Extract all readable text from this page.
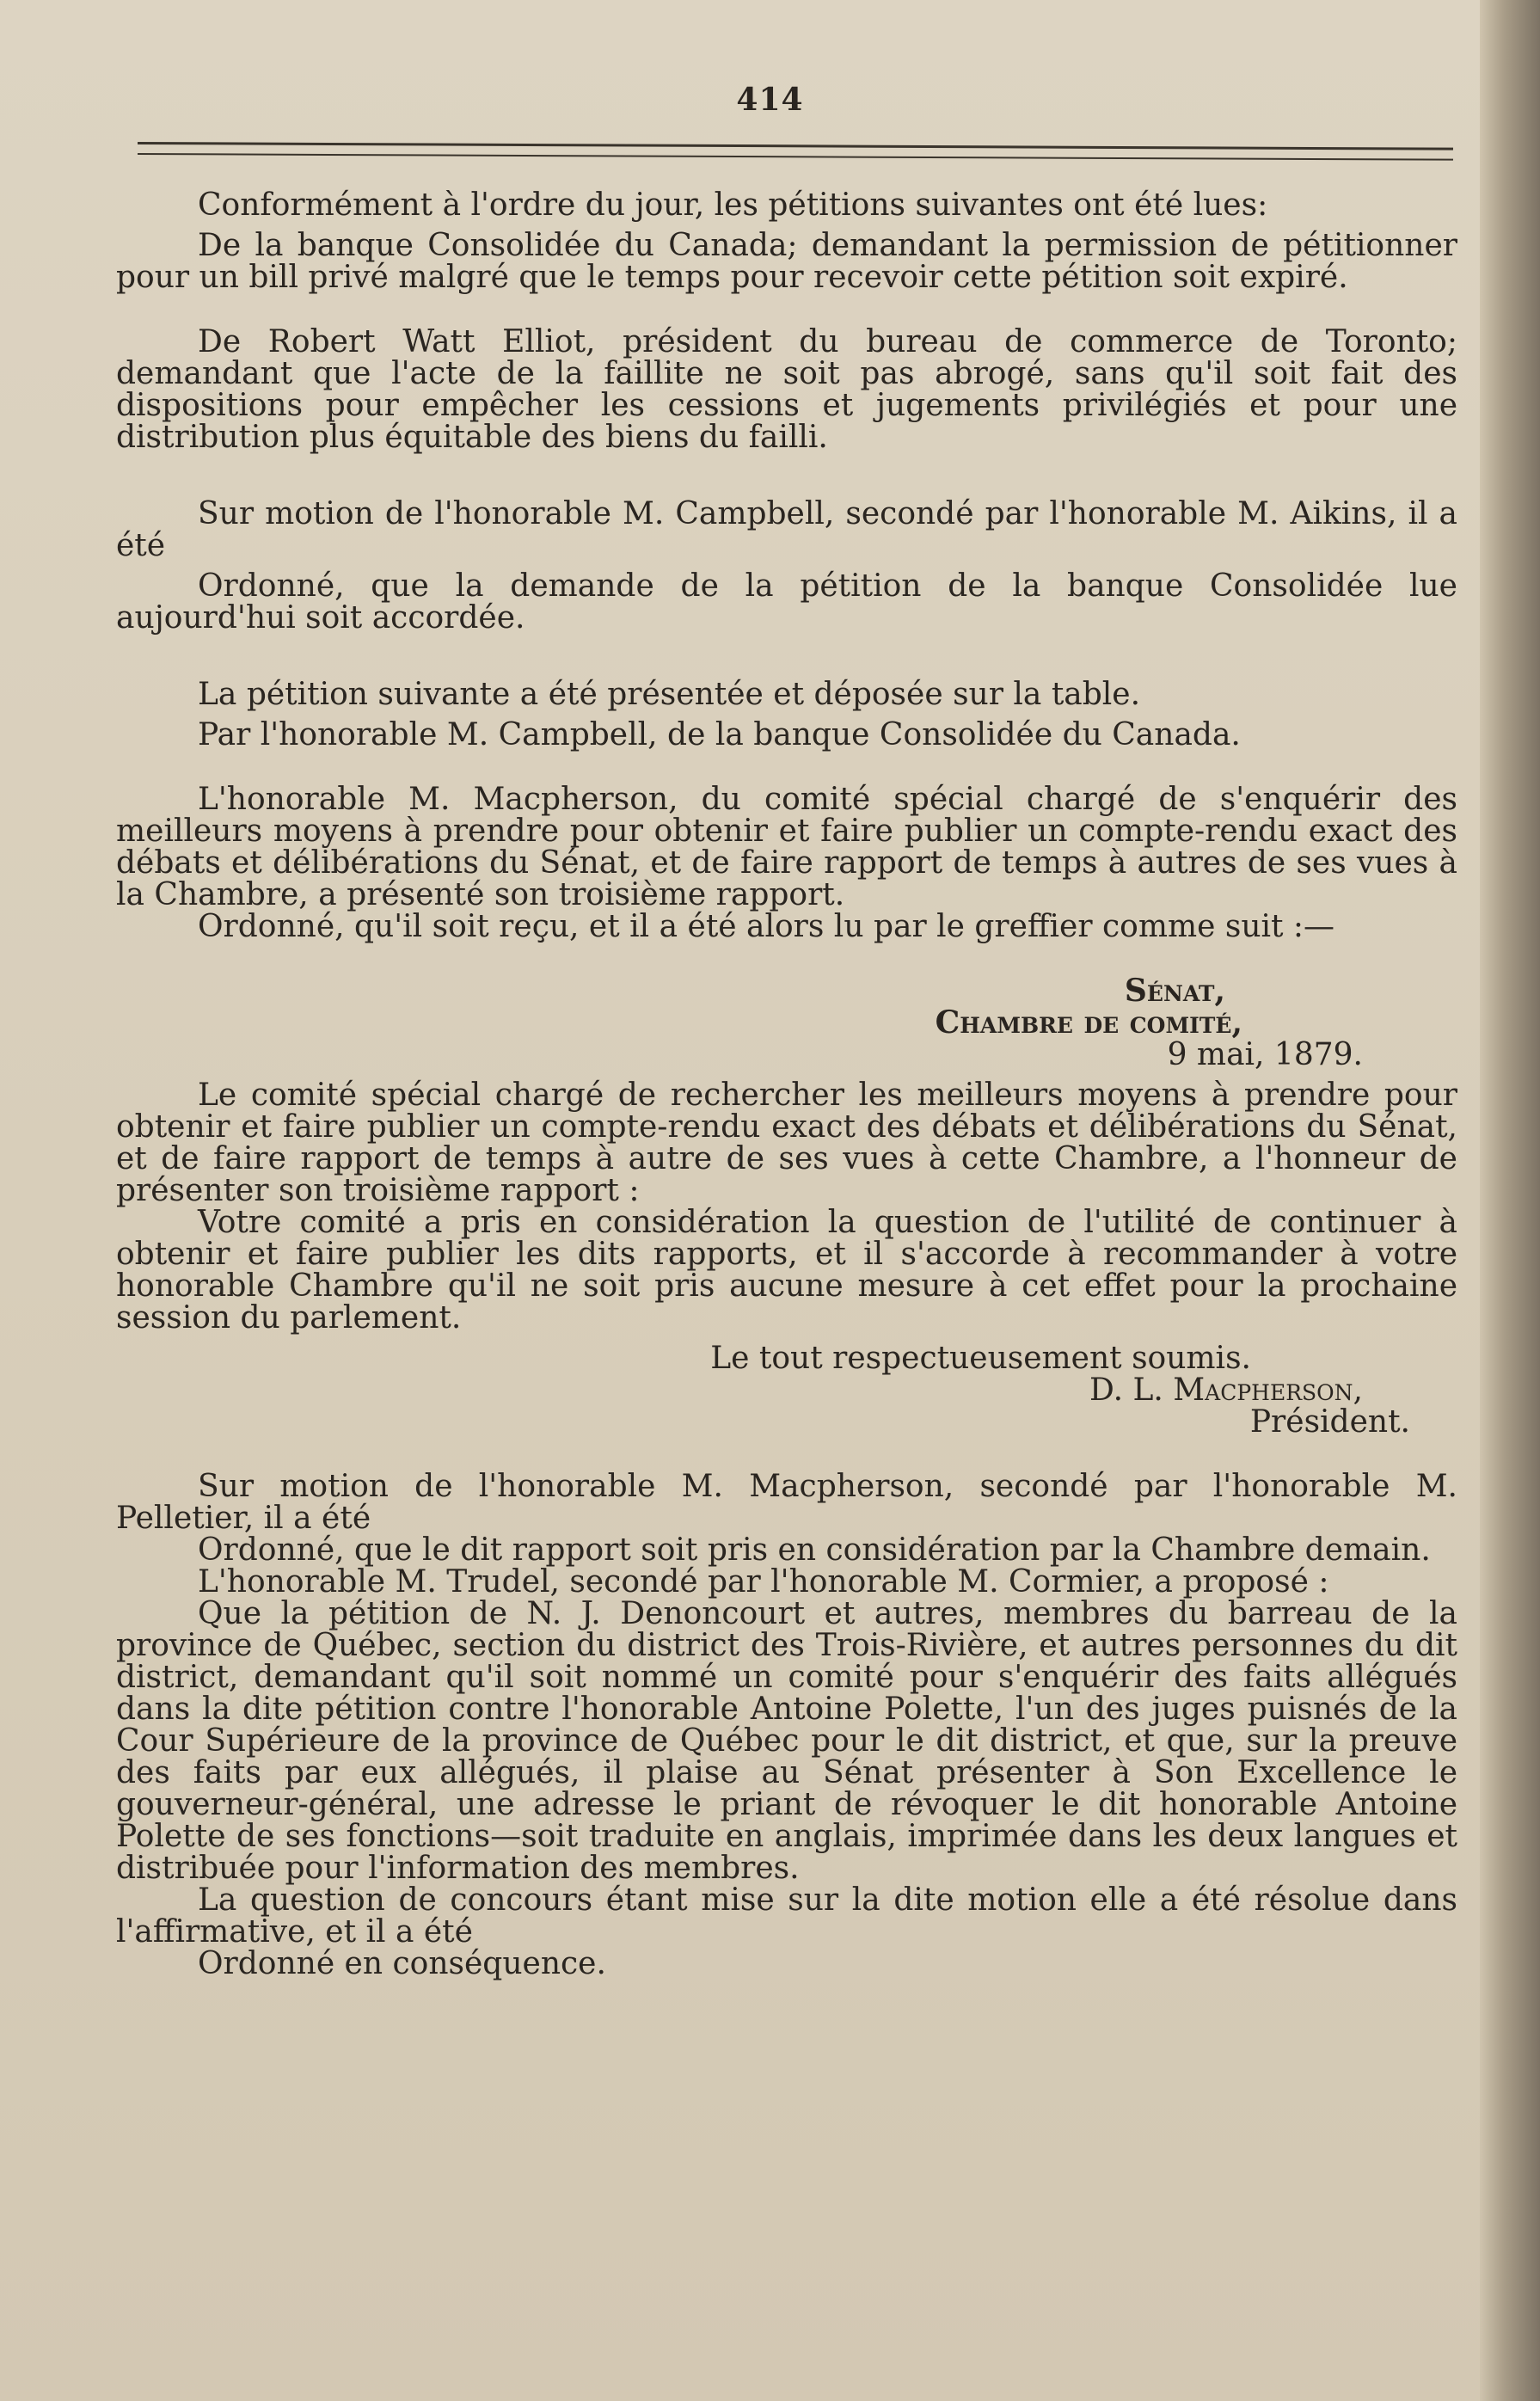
414

Conformément à l'ordre du jour, les pétitions suivantes ont été lues:

De la banque Consolidée du Canada; demandant la permission de pétitionner pour un bill privé malgré que le temps pour recevoir cette pétition soit expiré.

De Robert Watt Elliot, président du bureau de commerce de Toronto; demandant que l'acte de la faillite ne soit pas abrogé, sans qu'il soit fait des dispositions pour empêcher les cessions et jugements privilégiés et pour une distribution plus équitable des biens du failli.

Sur motion de l'honorable M. Campbell, secondé par l'honorable M. Aikins, il a été

Ordonné, que la demande de la pétition de la banque Consolidée lue aujourd'hui soit accordée.

La pétition suivante a été présentée et déposée sur la table.

Par l'honorable M. Campbell, de la banque Consolidée du Canada.

L'honorable M. Macpherson, du comité spécial chargé de s'enquérir des meilleurs moyens à prendre pour obtenir et faire publier un compte-rendu exact des débats et délibérations du Sénat, et de faire rapport de temps à autres de ses vues à la Chambre, a présenté son troisième rapport.

Ordonné, qu'il soit reçu, et il a été alors lu par le greffier comme suit :—

Sénat,

Chambre de comité,

9 mai, 1879.

Le comité spécial chargé de rechercher les meilleurs moyens à prendre pour obtenir et faire publier un compte-rendu exact des débats et délibérations du Sénat, et de faire rapport de temps à autre de ses vues à cette Chambre, a l'honneur de présenter son troisième rapport :

Votre comité a pris en considération la question de l'utilité de continuer à obtenir et faire publier les dits rapports, et il s'accorde à recommander à votre honorable Chambre qu'il ne soit pris aucune mesure à cet effet pour la prochaine session du parlement.

Le tout respectueusement soumis.

D. L. Macpherson,

Président.

Sur motion de l'honorable M. Macpherson, secondé par l'honorable M. Pelletier, il a été

Ordonné, que le dit rapport soit pris en considération par la Chambre demain.

L'honorable M. Trudel, secondé par l'honorable M. Cormier, a proposé :

Que la pétition de N. J. Denoncourt et autres, membres du barreau de la province de Québec, section du district des Trois-Rivière, et autres personnes du dit district, demandant qu'il soit nommé un comité pour s'enquérir des faits allégués dans la dite pétition contre l'honorable Antoine Polette, l'un des juges puisnés de la Cour Supérieure de la province de Québec pour le dit district, et que, sur la preuve des faits par eux allégués, il plaise au Sénat présenter à Son Excellence le gouverneur-général, une adresse le priant de révoquer le dit honorable Antoine Polette de ses fonctions—soit traduite en anglais, imprimée dans les deux langues et distribuée pour l'information des membres.

La question de concours étant mise sur la dite motion elle a été résolue dans l'affirmative, et il a été

Ordonné en conséquence.
